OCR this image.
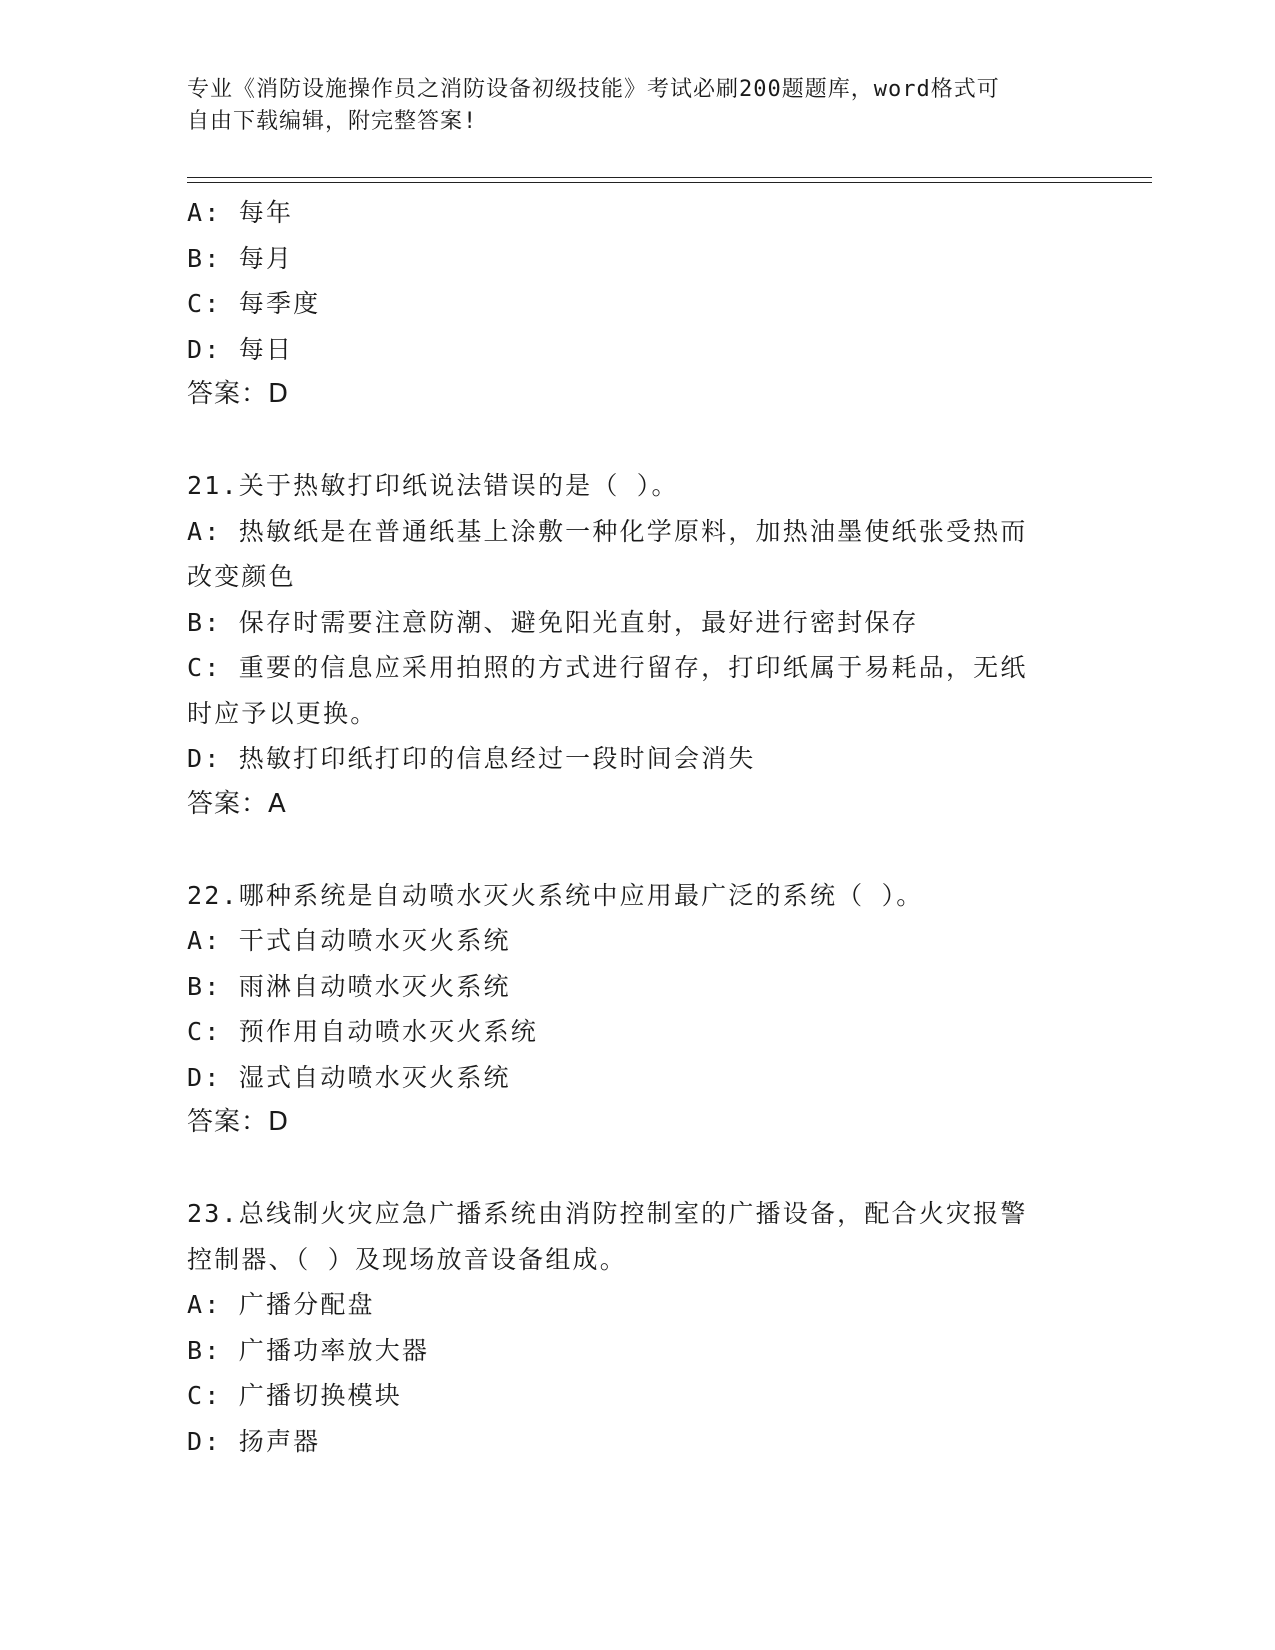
专业《消防设施操作员之消防设备初级技能》考试必刷200题题库，word格式可
自由下载编辑，附完整答案!
A: 每年
B: 每月
C: 每季度
D: 每日
答案：D
21.关于热敏打印纸说法错误的是（ ）。
A: 热敏纸是在普通纸基上涂敷一种化学原料，加热油墨使纸张受热而
改变颜色
B: 保存时需要注意防潮、避免阳光直射，最好进行密封保存
C: 重要的信息应采用拍照的方式进行留存，打印纸属于易耗品，无纸
时应予以更换。
D: 热敏打印纸打印的信息经过一段时间会消失
答案：A
22.哪种系统是自动喷水灭火系统中应用最广泛的系统（ ）。
A: 干式自动喷水灭火系统
B: 雨淋自动喷水灭火系统
C: 预作用自动喷水灭火系统
D: 湿式自动喷水灭火系统
答案：D
23.总线制火灾应急广播系统由消防控制室的广播设备，配合火灾报警
控制器、（ ）及现场放音设备组成。
A: 广播分配盘
B: 广播功率放大器
C: 广播切换模块
D: 扬声器
